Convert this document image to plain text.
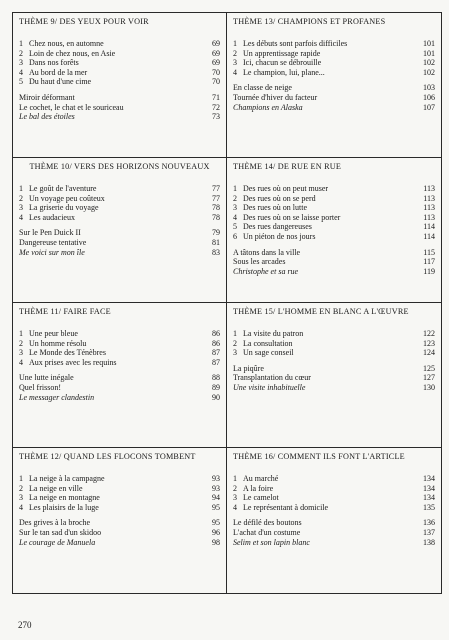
THÈME 9/ DES YEUX POUR VOIR
1 Chez nous, en automne	69
2 Loin de chez nous, en Asie	69
3 Dans nos forêts	69
4 Au bord de la mer	70
5 Du haut d'une cime	70
Miroir déformant	71
Le cochet, le chat et le souriceau	72
Le bal des étoiles	73
THÈME 13/ CHAMPIONS ET PROFANES
1 Les débuts sont parfois difficiles	101
2 Un apprentissage rapide	101
3 Ici, chacun se débrouille	102
4 Le champion, lui, plane...	102
En classe de neige	103
Tournée d'hiver du facteur	106
Champions en Alaska	107
THÈME 10/ VERS DES HORIZONS NOUVEAUX
1 Le goût de l'aventure	77
2 Un voyage peu coûteux	77
3 La griserie du voyage	78
4 Les audacieux	78
Sur le Pen Duick II	79
Dangereuse tentative	81
Me voici sur mon île	83
THÈME 14/ DE RUE EN RUE
1 Des rues où on peut muser	113
2 Des rues où on se perd	113
3 Des rues où on lutte	113
4 Des rues où on se laisse porter	113
5 Des rues dangereuses	114
6 Un piéton de nos jours	114
A tâtons dans la ville	115
Sous les arcades	117
Christophe et sa rue	119
THÈME 11/ FAIRE FACE
1 Une peur bleue	86
2 Un homme résolu	86
3 Le Monde des Ténèbres	87
4 Aux prises avec les requins	87
Une lutte inégale	88
Quel frisson!	89
Le messager clandestin	90
THÈME 15/ L'HOMME EN BLANC A L'ŒUVRE
1 La visite du patron	122
2 La consultation	123
3 Un sage conseil	124
La piqûre	125
Transplantation du cœur	127
Une visite inhabituelle	130
THÈME 12/ QUAND LES FLOCONS TOMBENT
1 La neige à la campagne	93
2 La neige en ville	93
3 La neige en montagne	94
4 Les plaisirs de la luge	95
Des grives à la broche	95
Sur le tan sad d'un skidoo	96
Le courage de Manuela	98
THÈME 16/ COMMENT ILS FONT L'ARTICLE
1 Au marché	134
2 A la foire	134
3 Le camelot	134
4 Le représentant à domicile	135
Le défilé des boutons	136
L'achat d'un costume	137
Selim et son lapin blanc	138
270
